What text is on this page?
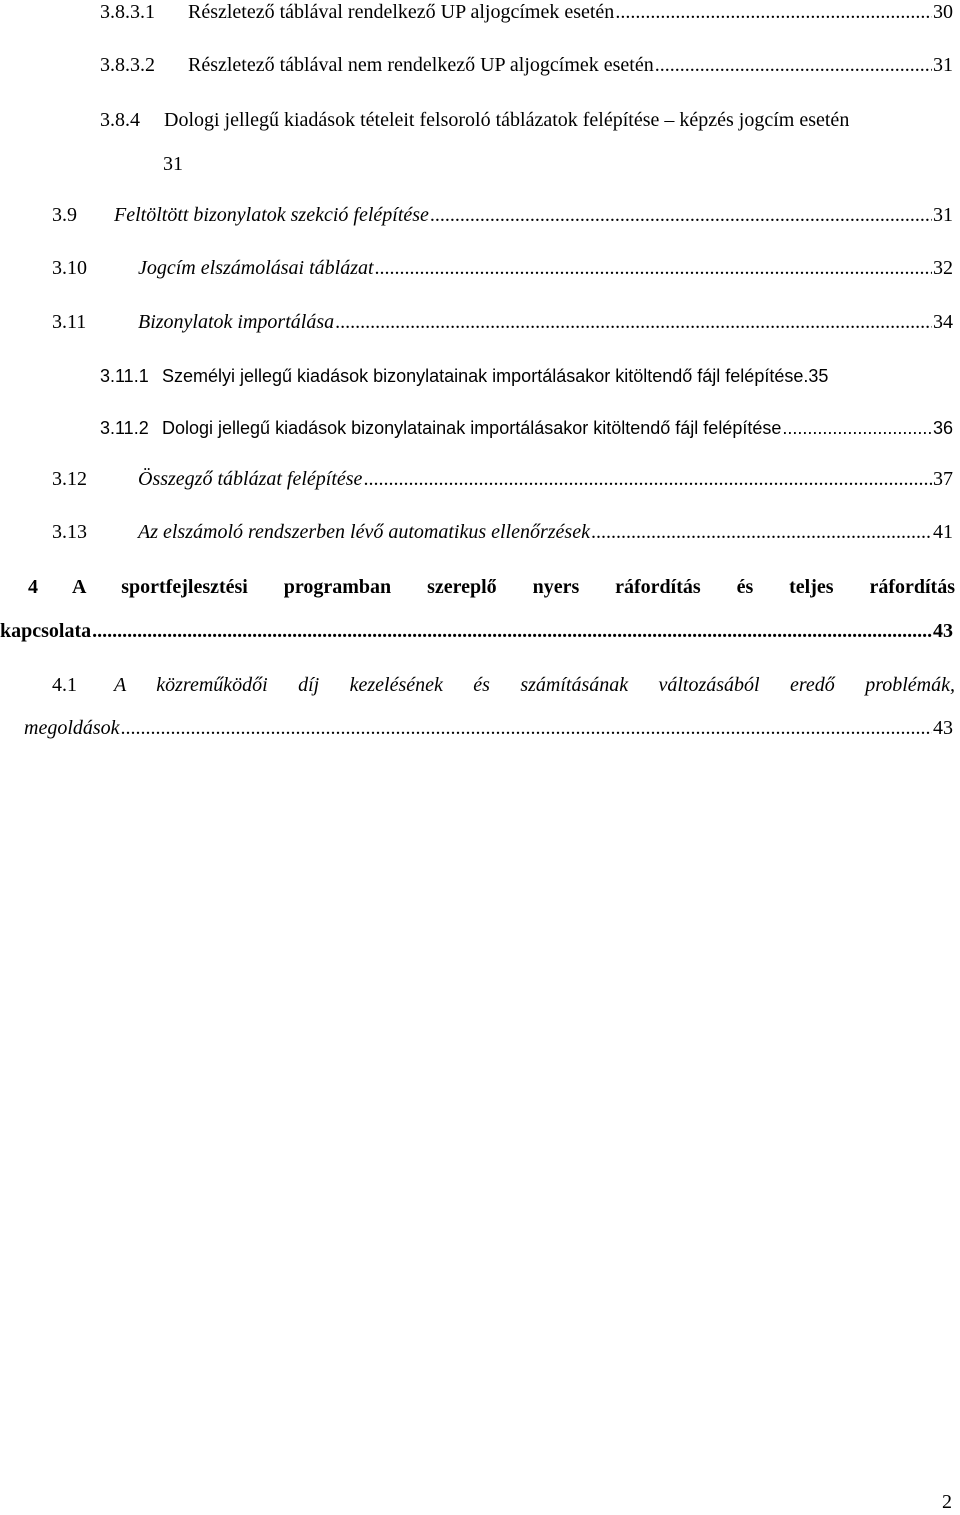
3.8.3.1	Részletező táblával rendelkező UP aljogcímek esetén .....	30
3.8.3.2	Részletező táblával nem rendelkező UP aljogcímek esetén .....	31
3.8.4	Dologi jellegű kiadások tételeit felsoroló táblázatok felépítése – képzés jogcím esetén
31
3.9	Feltöltött bizonylatok szekció felépítése .....	31
3.10	Jogcím elszámolásai táblázat .....	32
3.11	Bizonylatok importálása .....	34
3.11.1 Személyi jellegű kiadások bizonylatainak importálásakor kitöltendő fájl felépítése . 35
3.11.2 Dologi jellegű kiadások bizonylatainak importálásakor kitöltendő fájl felépítése .....	36
3.12	Összegző táblázat felépítése .....	37
3.13	Az elszámoló rendszerben lévő automatikus ellenőrzések .....	41
4	A sportfejlesztési programban szereplő nyers ráfordítás és teljes ráfordítás
kapcsolata .....	43
4.1	A közreműködői díj kezelésének és számításának változásából eredő problémák,
megoldások .....	43
2
